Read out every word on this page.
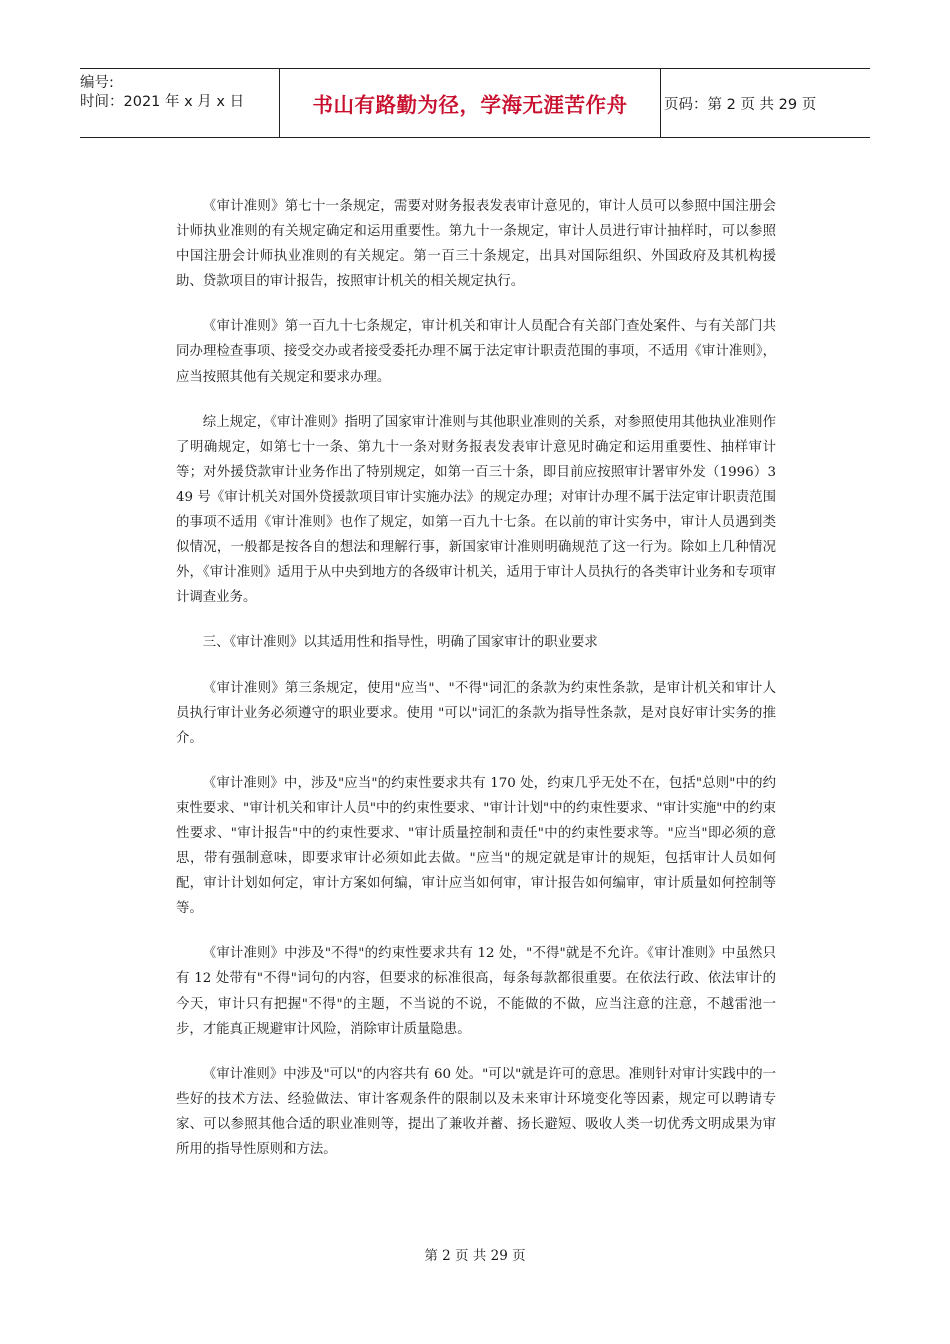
编号:
时间：2021 年 x 月 x 日	书山有路勤为径，学海无涯苦作舟	页码：第 2 页 共 29 页

《审计准则》第七十一条规定，需要对财务报表发表审计意见的，审计人员可以参照中国注册会计师执业准则的有关规定确定和运用重要性。第九十一条规定，审计人员进行审计抽样时，可以参照中国注册会计师执业准则的有关规定。第一百三十条规定，出具对国际组织、外国政府及其机构援助、贷款项目的审计报告，按照审计机关的相关规定执行。

《审计准则》第一百九十七条规定，审计机关和审计人员配合有关部门查处案件、与有关部门共同办理检查事项、接受交办或者接受委托办理不属于法定审计职责范围的事项，不适用《审计准则》，应当按照其他有关规定和要求办理。

综上规定，《审计准则》指明了国家审计准则与其他职业准则的关系，对参照使用其他执业准则作了明确规定，如第七十一条、第九十一条对财务报表发表审计意见时确定和运用重要性、抽样审计等；对外援贷款审计业务作出了特别规定，如第一百三十条，即目前应按照审计署审外发（1996）349 号《审计机关对国外贷援款项目审计实施办法》的规定办理；对审计办理不属于法定审计职责范围的事项不适用《审计准则》也作了规定，如第一百九十七条。在以前的审计实务中，审计人员遇到类似情况，一般都是按各自的想法和理解行事，新国家审计准则明确规范了这一行为。除如上几种情况外，《审计准则》适用于从中央到地方的各级审计机关，适用于审计人员执行的各类审计业务和专项审计调查业务。

三、《审计准则》以其适用性和指导性，明确了国家审计的职业要求

《审计准则》第三条规定，使用"应当"、"不得"词汇的条款为约束性条款，是审计机关和审计人员执行审计业务必须遵守的职业要求。使用 "可以"词汇的条款为指导性条款，是对良好审计实务的推介。

《审计准则》中，涉及"应当"的约束性要求共有 170 处，约束几乎无处不在，包括"总则"中的约束性要求、"审计机关和审计人员"中的约束性要求、"审计计划"中的约束性要求、"审计实施"中的约束性要求、"审计报告"中的约束性要求、"审计质量控制和责任"中的约束性要求等。"应当"即必须的意思，带有强制意味，即要求审计必须如此去做。"应当"的规定就是审计的规矩，包括审计人员如何配，审计计划如何定，审计方案如何编，审计应当如何审，审计报告如何编审，审计质量如何控制等等。

《审计准则》中涉及"不得"的约束性要求共有 12 处，"不得"就是不允许。《审计准则》中虽然只有 12 处带有"不得"词句的内容，但要求的标准很高，每条每款都很重要。在依法行政、依法审计的今天，审计只有把握"不得"的主题，不当说的不说，不能做的不做，应当注意的注意，不越雷池一步，才能真正规避审计风险，消除审计质量隐患。

《审计准则》中涉及"可以"的内容共有 60 处。"可以"就是许可的意思。准则针对审计实践中的一些好的技术方法、经验做法、审计客观条件的限制以及未来审计环境变化等因素，规定可以聘请专家、可以参照其他合适的职业准则等，提出了兼收并蓄、扬长避短、吸收人类一切优秀文明成果为审所用的指导性原则和方法。

第 2 页 共 29 页
